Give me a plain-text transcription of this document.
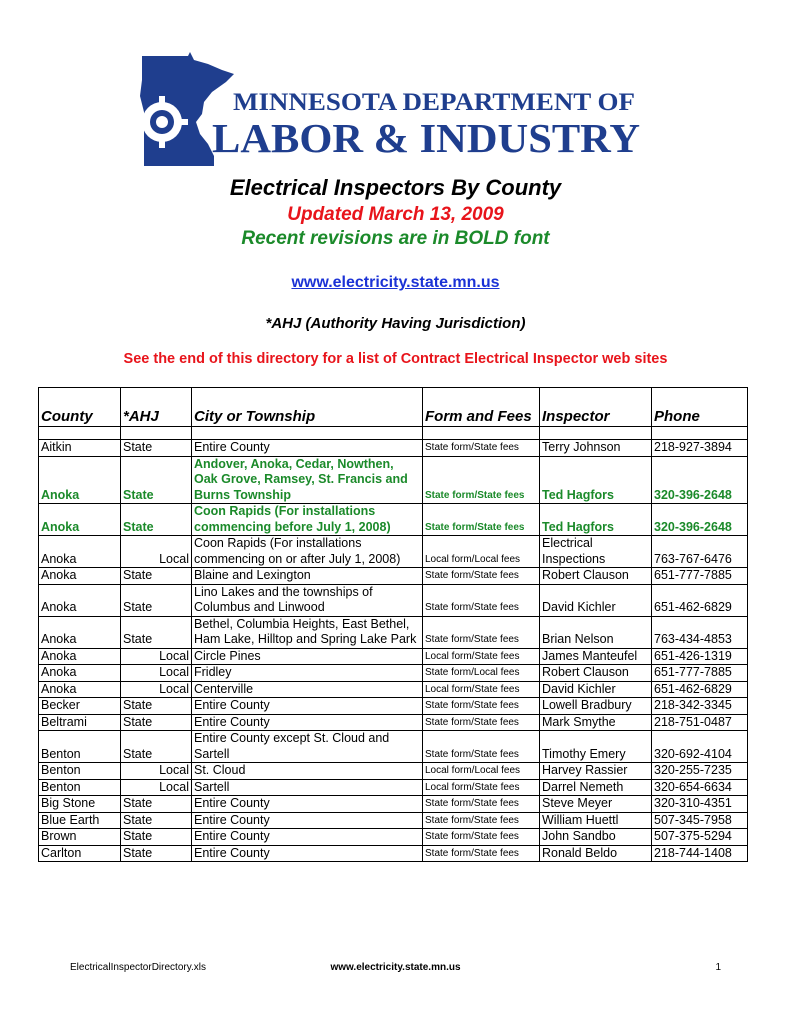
MINNESOTA DEPARTMENT OF
LABOR & INDUSTRY
Electrical Inspectors By County
Updated March 13, 2009
Recent revisions are in BOLD font
www.electricity.state.mn.us
*AHJ (Authority Having Jurisdiction)
See the end of this directory for a list of Contract Electrical Inspector web sites
County	*AHJ	City or Township	Form and Fees	Inspector	Phone

Aitkin	State	Entire County	State form/State fees	Terry Johnson	218-927-3894
Anoka	State	Andover, Anoka, Cedar, Nowthen, Oak Grove, Ramsey, St. Francis and Burns Township	State form/State fees	Ted Hagfors	320-396-2648
Anoka	State	Coon Rapids (For installations commencing before July 1, 2008)	State form/State fees	Ted Hagfors	320-396-2648
Anoka	Local	Coon Rapids (For installations commencing on or after July 1, 2008)	Local form/Local fees	Electrical Inspections	763-767-6476
Anoka	State	Blaine and Lexington	State form/State fees	Robert Clauson	651-777-7885
Anoka	State	Lino Lakes and the townships of Columbus and Linwood	State form/State fees	David Kichler	651-462-6829
Anoka	State	Bethel, Columbia Heights, East Bethel, Ham Lake, Hilltop and Spring Lake Park	State form/State fees	Brian Nelson	763-434-4853
Anoka	Local	Circle Pines	Local form/State fees	James Manteufel	651-426-1319
Anoka	Local	Fridley	State form/Local fees	Robert Clauson	651-777-7885
Anoka	Local	Centerville	Local form/State fees	David Kichler	651-462-6829
Becker	State	Entire County	State form/State fees	Lowell Bradbury	218-342-3345
Beltrami	State	Entire County	State form/State fees	Mark Smythe	218-751-0487
Benton	State	Entire County except St. Cloud and Sartell	State form/State fees	Timothy Emery	320-692-4104
Benton	Local	St. Cloud	Local form/Local fees	Harvey Rassier	320-255-7235
Benton	Local	Sartell	Local form/State fees	Darrel Nemeth	320-654-6634
Big Stone	State	Entire County	State form/State fees	Steve Meyer	320-310-4351
Blue Earth	State	Entire County	State form/State fees	William Huettl	507-345-7958
Brown	State	Entire County	State form/State fees	John Sandbo	507-375-5294
Carlton	State	Entire County	State form/State fees	Ronald Beldo	218-744-1408
ElectricalInspectorDirectory.xls	www.electricity.state.mn.us	1
